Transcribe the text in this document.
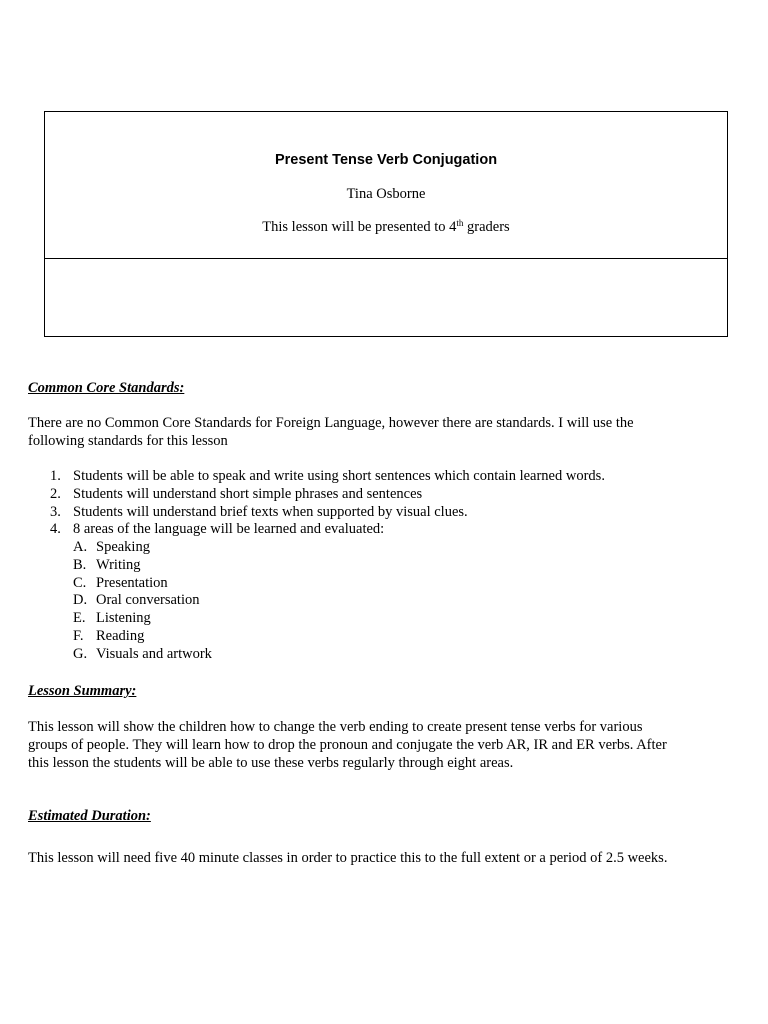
Present Tense Verb Conjugation
Tina Osborne
This lesson will be presented to 4th graders
Common Core Standards:
There are no Common Core Standards for Foreign Language, however there are standards. I will use the
following standards for this lesson
1. Students will be able to speak and write using short sentences which contain learned words.
2. Students will understand short simple phrases and sentences
3. Students will understand brief texts when supported by visual clues.
4. 8 areas of the language will be learned and evaluated:
A. Speaking
B. Writing
C. Presentation
D. Oral conversation
E. Listening
F. Reading
G. Visuals and artwork
Lesson Summary:
This lesson will show the children how to change the verb ending to create present tense verbs for various
groups of people. They will learn how to drop the pronoun and conjugate the verb AR, IR and ER verbs. After
this lesson the students will be able to use these verbs regularly through eight areas.
Estimated Duration:
This lesson will need five 40 minute classes in order to practice this to the full extent or a period of 2.5 weeks.
